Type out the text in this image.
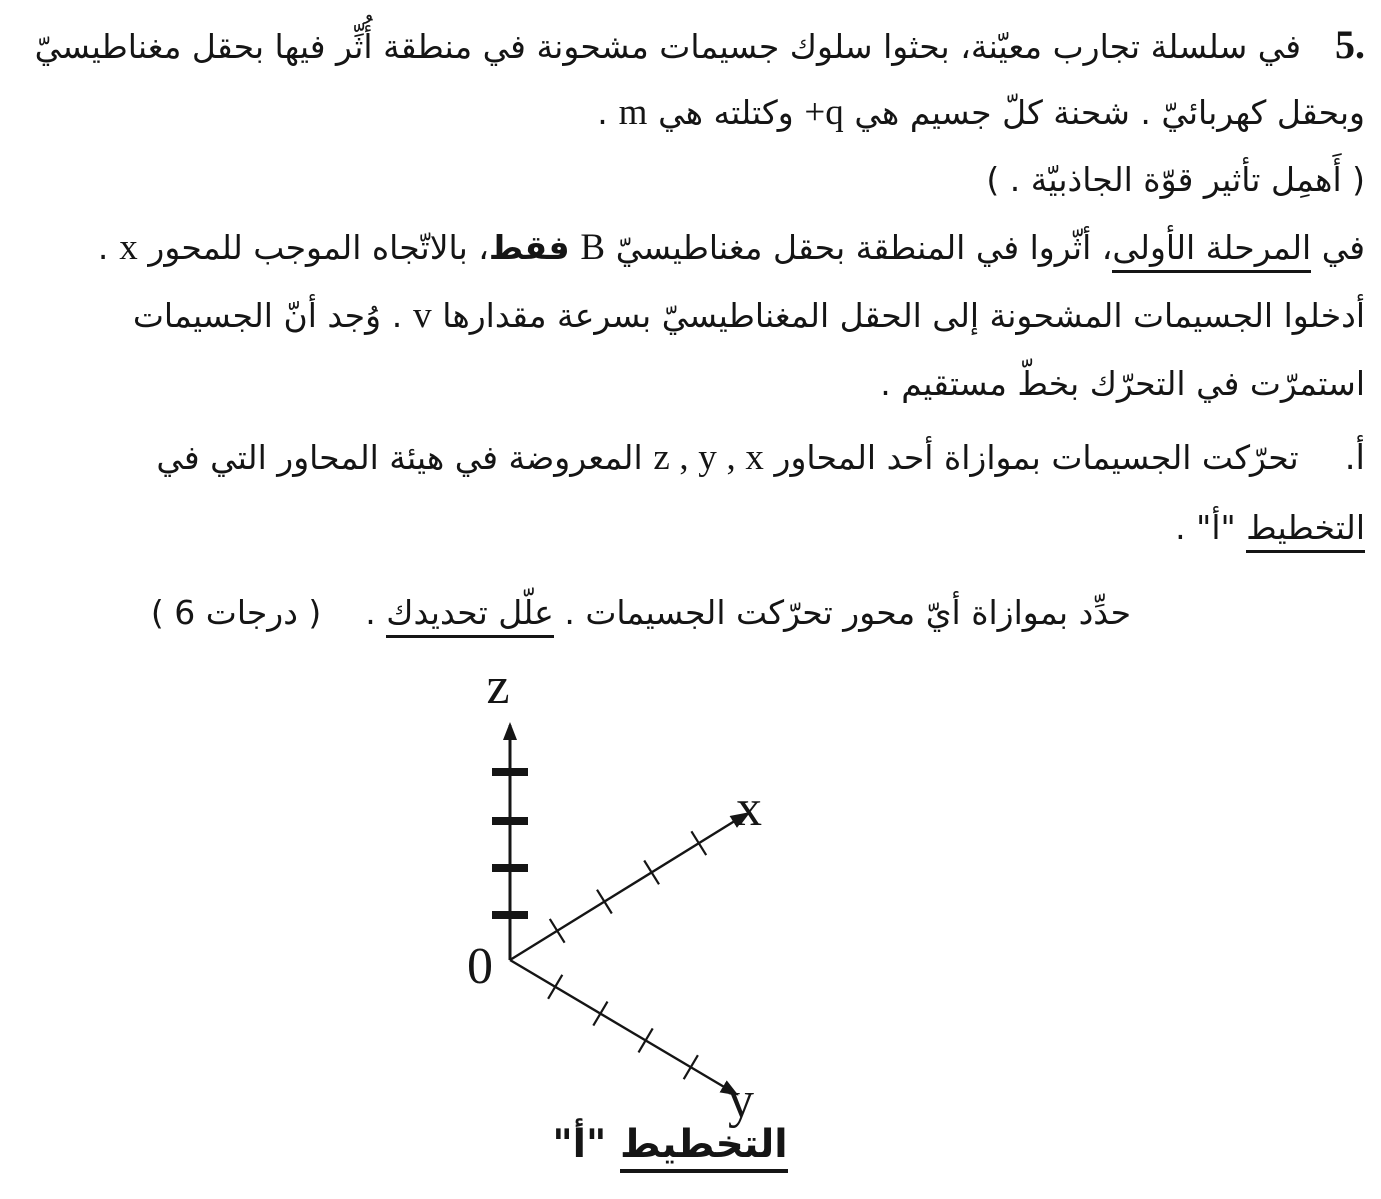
5.في سلسلة تجارب معيّنة، بحثوا سلوك جسيمات مشحونة في منطقة أُثِّر فيها بحقل مغناطيسيّ
وبحقل كهربائيّ . شحنة كلّ جسيم هي +q وكتلته هي m .
( أَهمِل تأثير قوّة الجاذبيّة . )
في المرحلة الأولى، أثّروا في المنطقة بحقل مغناطيسيّ B فقط، بالاتّجاه الموجب للمحور x .
أدخلوا الجسيمات المشحونة إلى الحقل المغناطيسيّ بسرعة مقدارها v . وُجد أنّ الجسيمات
استمرّت في التحرّك بخطّ مستقيم .
أ.تحرّكت الجسيمات بموازاة أحد المحاور z , y , x المعروضة في هيئة المحاور التي في
التخطيط "أ" .
حدِّد بموازاة أيّ محور تحرّكت الجسيمات . علّل تحديدك .( 6 درجات )
z
x
y
0
التخطيط "أ"
